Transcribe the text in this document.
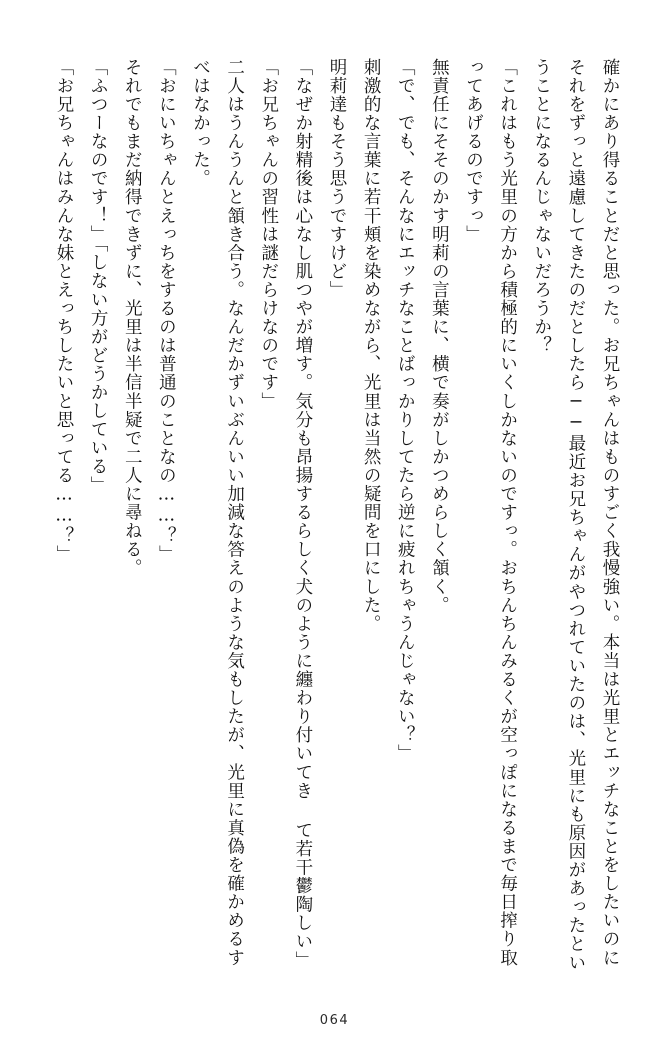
確かにあり得ることだと思った。お兄ちゃんはものすごく我慢強い。本当は光里とエッチなことをしたいのにそれをずっと遠慮してきたのだとしたら──最近お兄ちゃんがやつれていたのは、光里にも原因があったということになるんじゃないだろうか？

「これはもう光里の方から積極的にいくしかないのですっ。おちんちんみるくが空っぽになるまで毎日搾り取ってあげるのですっ」

無責任にそそのかす明莉の言葉に、横で奏がしかつめらしく頷く。

「で、でも、そんなにエッチなことばっかりしてたら逆に疲れちゃうんじゃない？」

刺激的な言葉に若干頬を染めながら、光里は当然の疑問を口にした。

明莉達もそう思うですけど」

「なぜか射精後は心なし肌つやが増す。気分も昂揚するらしく犬のように纏わり付いてき て若干鬱陶しい」

「お兄ちゃんの習性は謎だらけなのです」

二人はうんうんと頷き合う。なんだかずいぶんいい加減な答えのような気もしたが、光里に真偽を確かめるすべはなかった。

「おにいちゃんとえっちをするのは普通のことなの……？」

それでもまだ納得できずに、光里は半信半疑で二人に尋ねる。

「ふつーなのです！」「しない方がどうかしている」

「お兄ちゃんはみんな妹とえっちしたいと思ってる……？」

064
